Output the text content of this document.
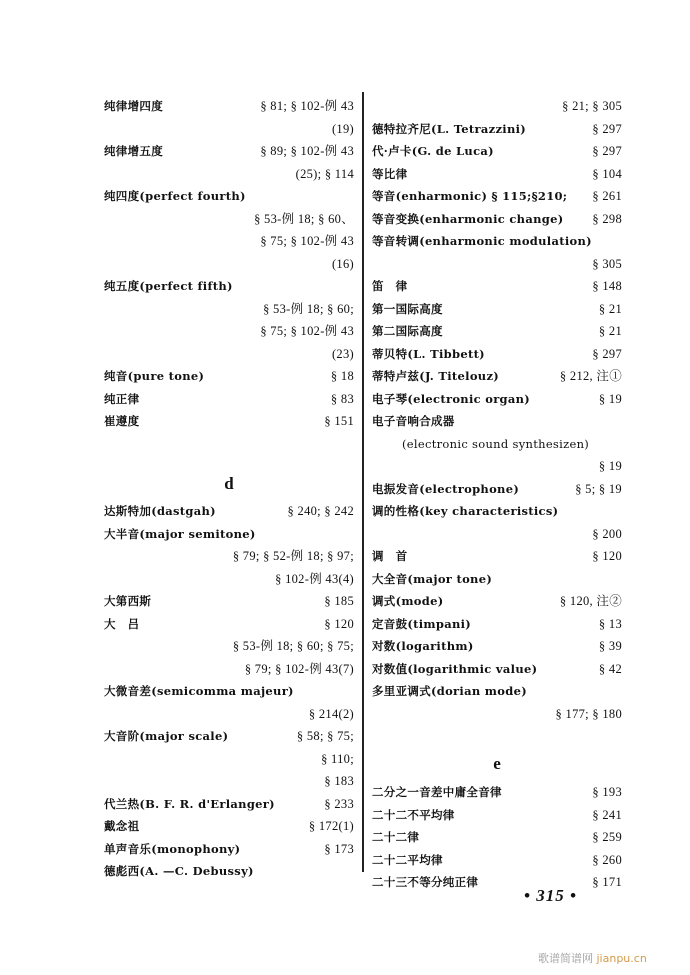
纯律增四度	§ 81; § 102-例 43
(19)
纯律增五度	§ 89; § 102-例 43
(25); § 114
纯四度(perfect fourth)
§ 53-例 18; § 60、
§ 75; § 102-例 43
(16)
纯五度(perfect fifth)
§ 53-例 18; § 60;
§ 75; § 102-例 43
(23)
纯音(pure tone)	§ 18
纯正律	§ 83
崔遵度	§ 151
d
达斯特加(dastgah)	§ 240; § 242
大半音(major semitone)
§ 79; § 52-例 18; § 97;
§ 102-例 43(4)
大第西斯	§ 185
大　吕	§ 120
§ 53-例 18; § 60; § 75;
§ 79; § 102-例 43(7)
大微音差(semicomma majeur)
§ 214(2)
大音阶(major scale)	§ 58; § 75;
§ 110;
§ 183
代兰热(B. F. R. d'Erlanger)	§ 233
戴念祖	§ 172(1)
单声音乐(monophony)	§ 173
德彪西(A. —C. Debussy)
§ 21; § 305
德特拉齐尼(L. Tetrazzini)	§ 297
代·卢卡(G. de Luca)	§ 297
等比律	§ 104
等音(enharmonic) § 115;§210; § 261
等音变换(enharmonic change) § 298
等音转调(enharmonic modulation)
§ 305
笛　律	§ 148
第一国际高度	§ 21
第二国际高度	§ 21
蒂贝特(L. Tibbett)	§ 297
蒂特卢兹(J. Titelouz)	§ 212, 注①
电子琴(electronic organ)	§ 19
电子音响合成器
(electronic sound synthesizen)
§ 19
电振发音(electrophone)	§ 5; § 19
调的性格(key characteristics)
§ 200
调　首	§ 120
大全音(major tone)
调式(mode)	§ 120, 注②
定音鼓(timpani)	§ 13
对数(logarithm)	§ 39
对数值(logarithmic value)	§ 42
多里亚调式(dorian mode)
§ 177; § 180
e
二分之一音差中庸全音律	§ 193
二十二不平均律	§ 241
二十二律	§ 259
二十二平均律	§ 260
二十三不等分纯正律	§ 171
• 315 •
歌谱简谱网 jianpu.cn
